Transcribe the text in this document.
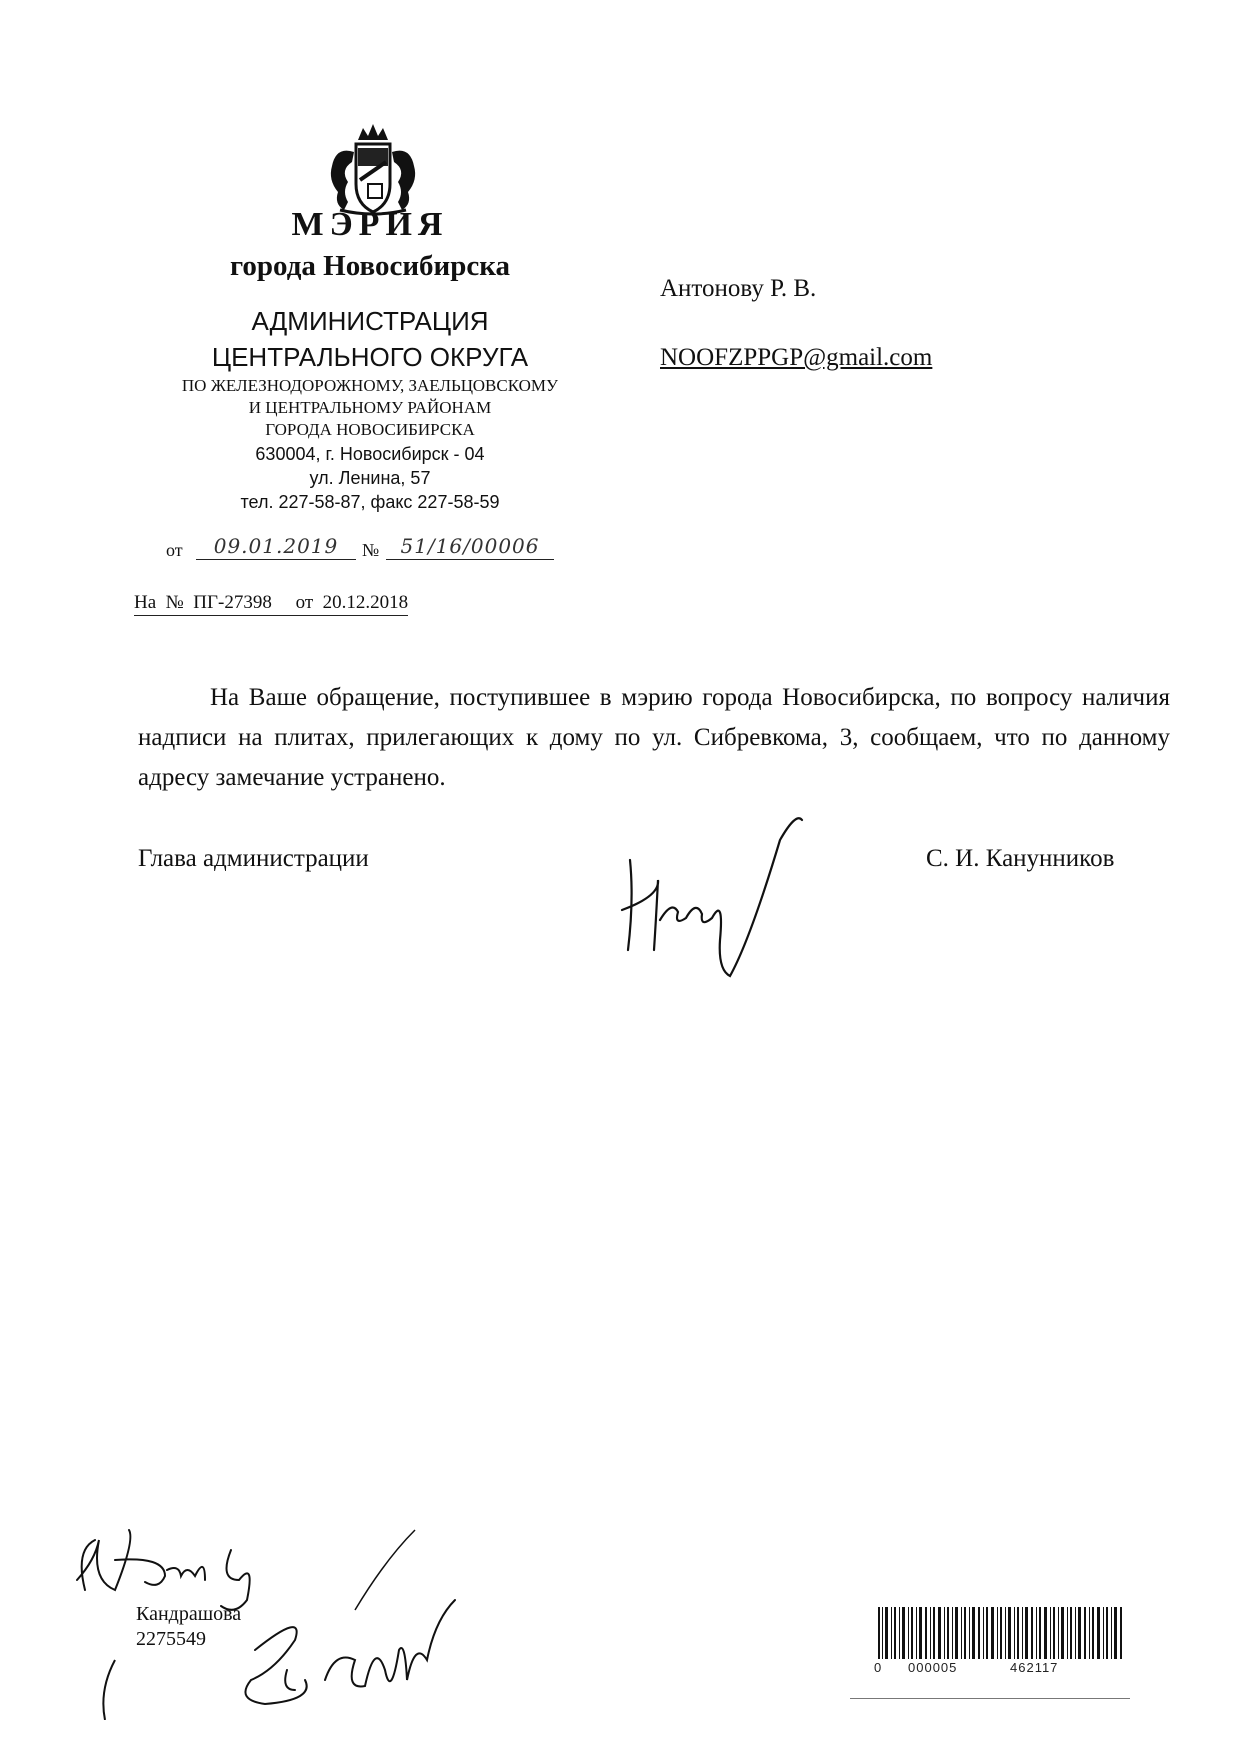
МЭРИЯ
города Новосибирска
АДМИНИСТРАЦИЯ
ЦЕНТРАЛЬНОГО ОКРУГА
ПО ЖЕЛЕЗНОДОРОЖНОМУ, ЗАЕЛЬЦОВСКОМУ
И ЦЕНТРАЛЬНОМУ РАЙОНАМ
ГОРОДА НОВОСИБИРСКА
630004, г. Новосибирск - 04
ул. Ленина, 57
тел. 227-58-87, факс 227-58-59
от	09.01.2019	№	51/16/00006
На  №  ПГ-27398     от  20.12.2018
Антонову Р. В.
NOOFZPPGP@gmail.com
На Ваше обращение, поступившее в мэрию города Новосибирска, по вопросу наличия надписи на плитах, прилегающих к дому по ул. Сибревкома, 3, сообщаем, что по данному адресу замечание устранено.
Глава администрации	С. И. Канунников
Кандрашова
2275549
0 000005	462117
